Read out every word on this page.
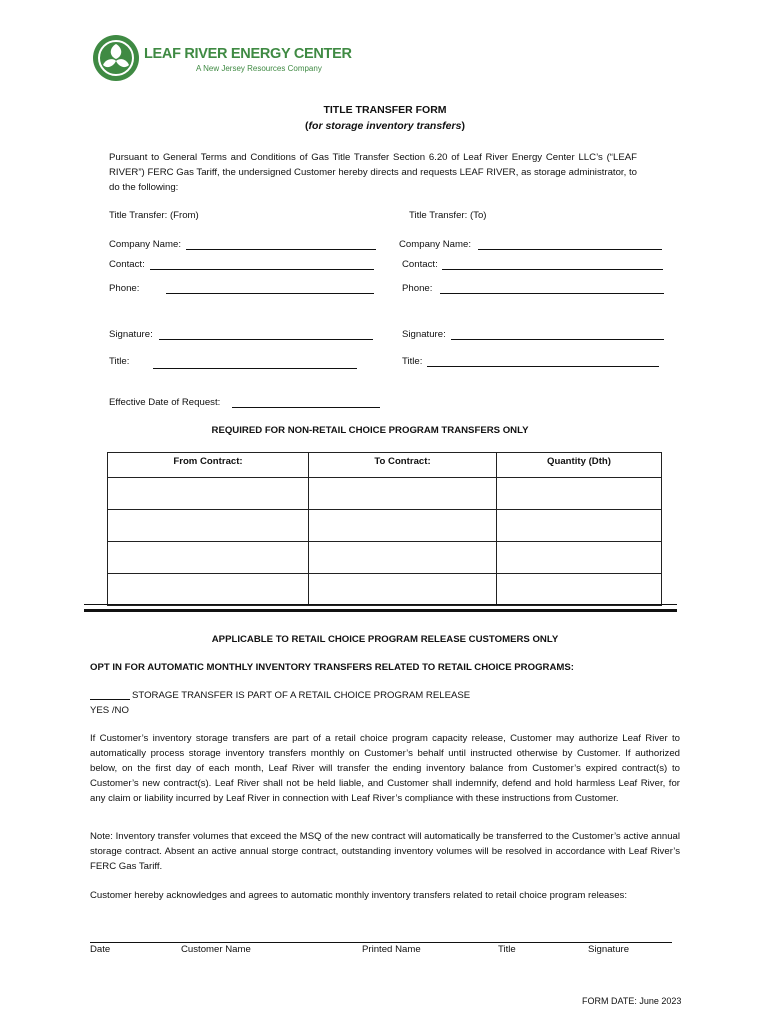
LEAF RIVER ENERGY CENTER
A New Jersey Resources Company
TITLE TRANSFER FORM
(for storage inventory transfers)
Pursuant to General Terms and Conditions of Gas Title Transfer Section 6.20 of Leaf River Energy Center LLC’s (“LEAF RIVER”) FERC Gas Tariff, the undersigned Customer hereby directs and requests LEAF RIVER, as storage administrator, to do the following:
Title Transfer: (From)	Title Transfer: (To)
Company Name:	Company Name:
Contact:	Contact:
Phone:	Phone:
Signature:	Signature:
Title:	Title:
Effective Date of Request:
REQUIRED FOR NON-RETAIL CHOICE PROGRAM TRANSFERS ONLY
From Contract:	To Contract:	Quantity (Dth)

APPLICABLE TO RETAIL CHOICE PROGRAM RELEASE CUSTOMERS ONLY
OPT IN FOR AUTOMATIC MONTHLY INVENTORY TRANSFERS RELATED TO RETAIL CHOICE PROGRAMS:
STORAGE TRANSFER IS PART OF A RETAIL CHOICE PROGRAM RELEASE
YES /NO
If Customer’s inventory storage transfers are part of a retail choice program capacity release, Customer may authorize Leaf River to automatically process storage inventory transfers monthly on Customer’s behalf until instructed otherwise by Customer. If authorized below, on the first day of each month, Leaf River will transfer the ending inventory balance from Customer’s expired contract(s) to Customer’s new contract(s). Leaf River shall not be held liable, and Customer shall indemnify, defend and hold harmless Leaf River, for any claim or liability incurred by Leaf River in connection with Leaf River’s compliance with these instructions from Customer.
Note: Inventory transfer volumes that exceed the MSQ of the new contract will automatically be transferred to the Customer’s active annual storage contract. Absent an active annual storge contract, outstanding inventory volumes will be resolved in accordance with Leaf River’s FERC Gas Tariff.
Customer hereby acknowledges and agrees to automatic monthly inventory transfers related to retail choice program releases:
Date	Customer Name	Printed Name	Title	Signature
FORM DATE: June 2023
